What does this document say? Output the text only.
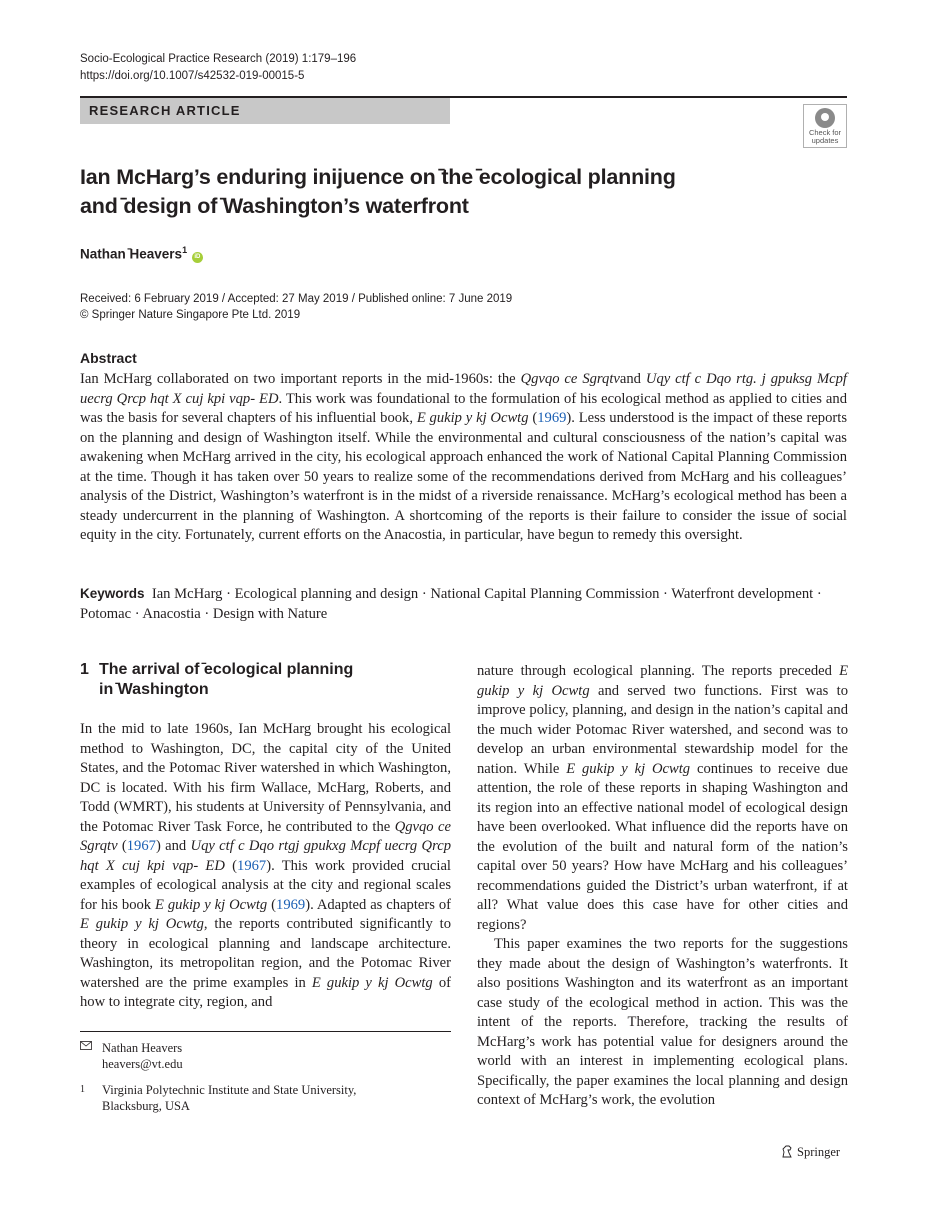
Socio-Ecological Practice Research (2019) 1:179–196
https://doi.org/10.1007/s42532-019-00015-5
RESEARCH ARTICLE
Check for
updates
Ian McHarg’s enduring inijuence on ̄the ̄ecological planning
and ̄design of ̄Washington’s waterfront
Nathan ̄Heavers$^1$ iD
Received: 6 February 2019 / Accepted: 27 May 2019 / Published online: 7 June 2019
© Springer Nature Singapore Pte Ltd. 2019
Abstract
Ian McHarg collaborated on two important reports in the mid-1960s: the Qgvqo ce Sgrqtvand Uqy ctf c Dqo rtg. j gpuksg Mcpf uecrg Qrcp hqt X cuj kpi vqp- ED. This work was foundational to the formulation of his ecological method as applied to cities and was the basis for several chapters of his influential book, E gukip y kj Ocwtg (1969). Less understood is the impact of these reports on the planning and design of Washington itself. While the environmental and cultural consciousness of the nation’s capital was awakening when McHarg arrived in the city, his ecological approach enhanced the work of National Capital Planning Commission at the time. Though it has taken over 50 years to realize some of the recommendations derived from McHarg and his colleagues’ analysis of the District, Washington’s waterfront is in the midst of a riverside renaissance. McHarg’s ecological method has been a steady undercurrent in the planning of Washington. A shortcoming of the reports is their failure to consider the issue of social equity in the city. Fortunately, current efforts on the Anacostia, in particular, have begun to remedy this oversight.
Keywords Ian McHarg · Ecological planning and design · National Capital Planning Commission · Waterfront development · Potomac · Anacostia · Design with Nature
1 The arrival of ̄ecological planning
in ̄Washington
In the mid to late 1960s, Ian McHarg brought his ecological method to Washington, DC, the capital city of the United States, and the Potomac River watershed in which Washington, DC is located. With his firm Wallace, McHarg, Roberts, and Todd (WMRT), his students at University of Pennsylvania, and the Potomac River Task Force, he contributed to the Qgvqo ce Sgrqtv (1967) and Uqy ctf c Dqo rtgj gpukxg Mcpf uecrg Qrcp hqt X cuj kpi vqp- ED (1967). This work provided crucial examples of ecological analysis at the city and regional scales for his book E gukip y kj Ocwtg (1969). Adapted as chapters of E gukip y kj Ocwtg, the reports contributed significantly to theory in ecological planning and landscape architecture. Washington, its metropolitan region, and the Potomac River watershed are the prime examples in E gukip y kj Ocwtg of how to integrate city, region, and
Nathan Heavers
heavers@vt.edu
1 Virginia Polytechnic Institute and State University,
Blacksburg, USA

nature through ecological planning. The reports preceded E gukip y kj Ocwtg and served two functions. First was to improve policy, planning, and design in the nation’s capital and the much wider Potomac River watershed, and second was to develop an urban environmental stewardship model for the nation. While E gukip y kj Ocwtg continues to receive due attention, the role of these reports in shaping Washington and its region into an effective national model of ecological design have been overlooked. What influence did the reports have on the evolution of the built and natural form of the nation’s capital over 50 years? How have McHarg and his colleagues’ recommendations guided the District’s urban waterfront, if at all? What value does this case have for other cities and regions?

This paper examines the two reports for the suggestions they made about the design of Washington’s waterfronts. It also positions Washington and its waterfront as an important case study of the ecological method in action. This was the intent of the reports. Therefore, tracking the results of McHarg’s work has potential value for designers around the world with an interest in implementing ecological plans. Specifically, the paper examines the local planning and design context of McHarg’s work, the evolution

Springer
